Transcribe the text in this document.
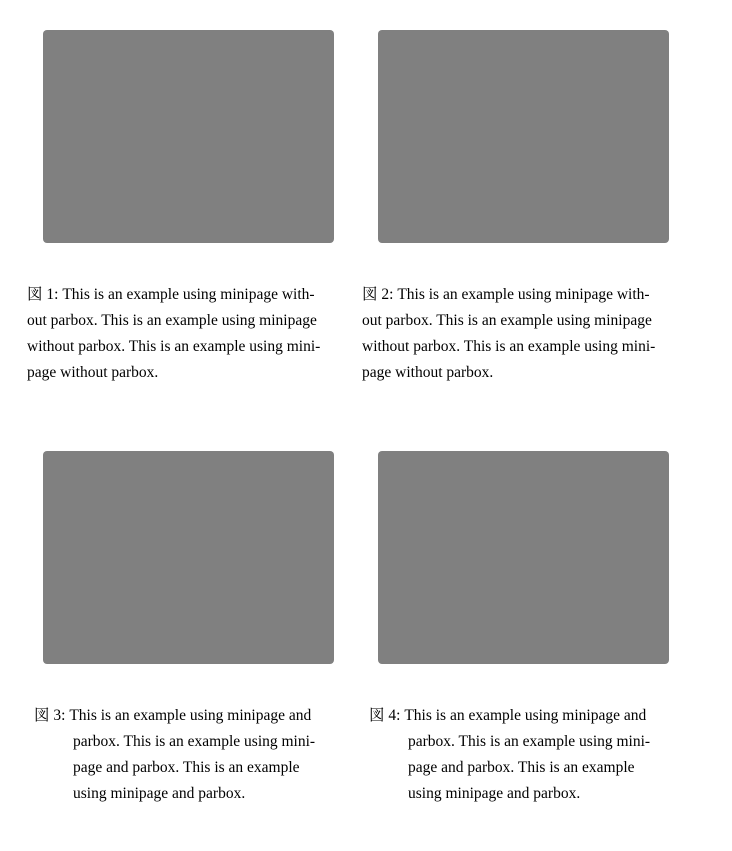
図 1: This is an example using minipage with-
out parbox. This is an example using minipage
without parbox. This is an example using mini-
page without parbox.
図 2: This is an example using minipage with-
out parbox. This is an example using minipage
without parbox. This is an example using mini-
page without parbox.
図 3: This is an example using minipage and
parbox. This is an example using mini-
page and parbox. This is an example
using minipage and parbox.
図 4: This is an example using minipage and
parbox. This is an example using mini-
page and parbox. This is an example
using minipage and parbox.
